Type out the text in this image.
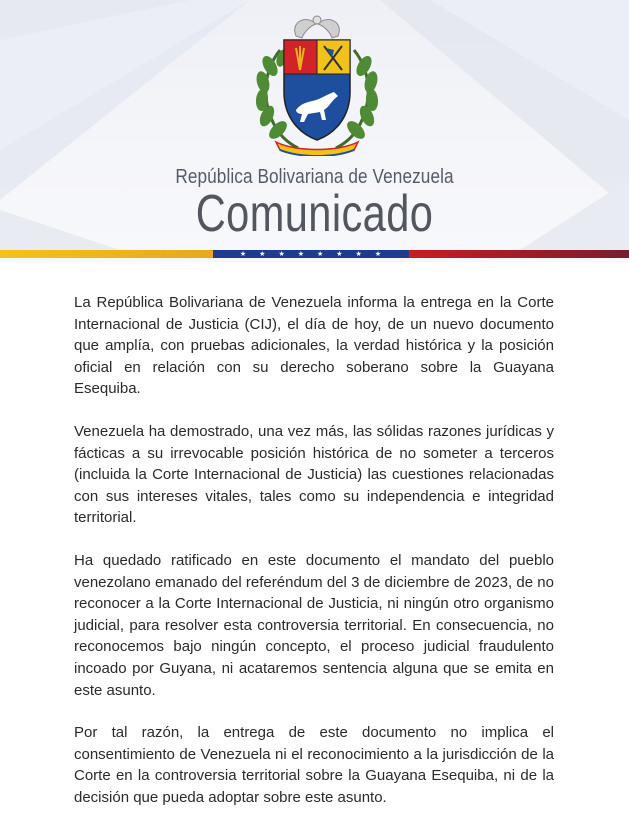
República Bolivariana de Venezuela
Comunicado
★★★★★★★★

La República Bolivariana de Venezuela informa la entrega en la Corte Internacional de Justicia (CIJ), el día de hoy, de un nuevo documento que amplía, con pruebas adicionales, la verdad histórica y la posición oficial en relación con su derecho soberano sobre la Guayana Esequiba.

Venezuela ha demostrado, una vez más, las sólidas razones jurídicas y fácticas a su irrevocable posición histórica de no someter a terceros (incluida la Corte Internacional de Justicia) las cuestiones relacionadas con sus intereses vitales, tales como su independencia e integridad territorial.

Ha quedado ratificado en este documento el mandato del pueblo venezolano emanado del referéndum del 3 de diciembre de 2023, de no reconocer a la Corte Internacional de Justicia, ni ningún otro organismo judicial, para resolver esta controversia territorial. En consecuencia, no reconocemos bajo ningún concepto, el proceso judicial fraudulento incoado por Guyana, ni acataremos sentencia alguna que se emita en este asunto.

Por tal razón, la entrega de este documento no implica el consentimiento de Venezuela ni el reconocimiento a la jurisdicción de la Corte en la controversia territorial sobre la Guayana Esequiba, ni de la decisión que pueda adoptar sobre este asunto.
